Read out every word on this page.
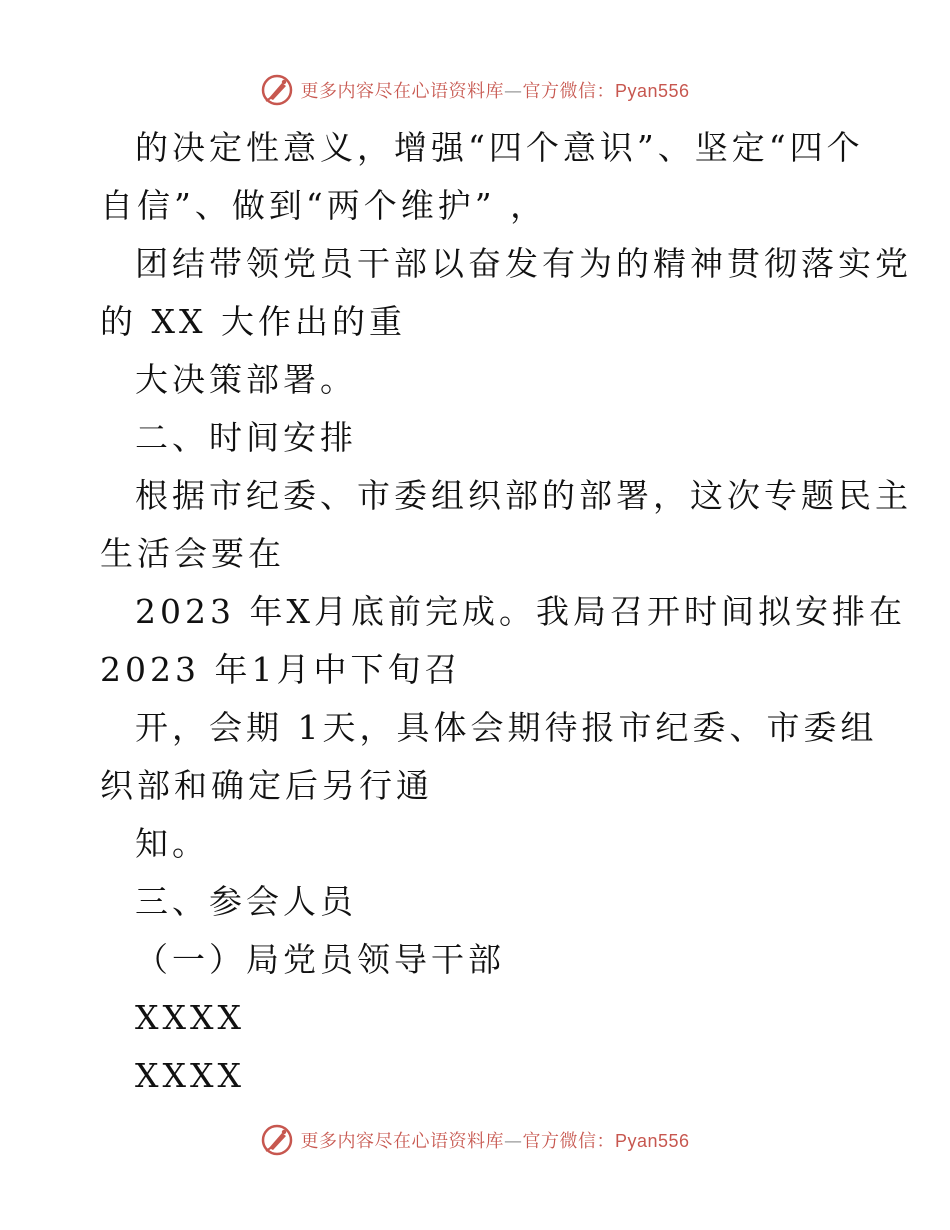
更多内容尽在心语资料库—官方微信：Pyan556
的决定性意义，增强“四个意识”、坚定“四个
自信”、做到“两个维护” ，
团结带领党员干部以奋发有为的精神贯彻落实党
的 XX 大作出的重
大决策部署。
二、时间安排
根据市纪委、市委组织部的部署，这次专题民主
生活会要在
2023 年X月底前完成。我局召开时间拟安排在
2023 年1月中下旬召
开，会期 1天，具体会期待报市纪委、市委组
织部和确定后另行通
知。
三、参会人员
（一）局党员领导干部
XXXX
XXXX
更多内容尽在心语资料库—官方微信：Pyan556
